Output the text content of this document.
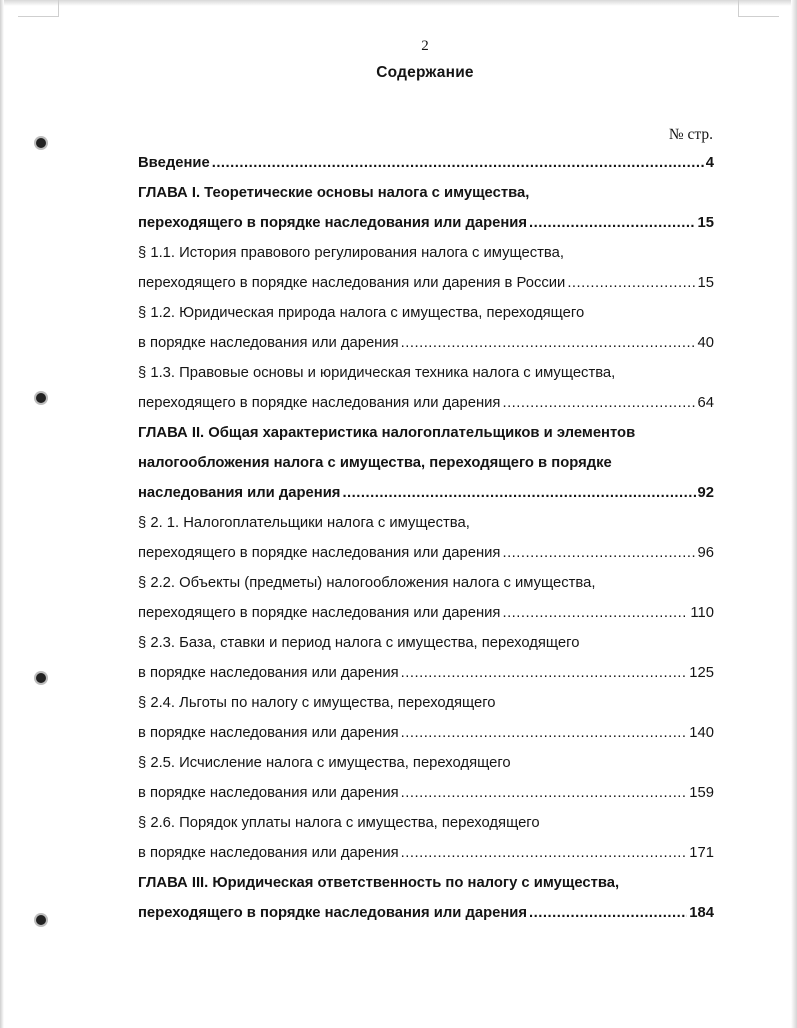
2
Содержание
№ стр.
Введение .....	4
ГЛАВА I. Теоретические основы налога с имущества,
переходящего в порядке наследования или дарения .....	15
§ 1.1. История правового регулирования налога с имущества,
переходящего в порядке наследования или дарения в России .....	15
§ 1.2. Юридическая природа налога с имущества, переходящего
в порядке наследования или дарения .....	40
§ 1.3. Правовые основы и юридическая техника налога с имущества,
переходящего в порядке наследования или дарения .....	64
ГЛАВА II. Общая характеристика налогоплательщиков и элементов
налогообложения налога с имущества, переходящего в порядке
наследования или дарения .....	92
§ 2. 1. Налогоплательщики налога с имущества,
переходящего в порядке наследования или дарения .....	96
§ 2.2. Объекты (предметы) налогообложения налога с имущества,
переходящего в порядке наследования или дарения .....	110
§ 2.3. База, ставки и период налога с имущества, переходящего
в порядке наследования или дарения .....	125
§ 2.4. Льготы по налогу с имущества, переходящего
в порядке наследования или дарения .....	140
§ 2.5. Исчисление налога с имущества, переходящего
в порядке наследования или дарения .....	159
§ 2.6. Порядок уплаты налога с имущества, переходящего
в порядке наследования или дарения .....	171
ГЛАВА III. Юридическая ответственность по налогу с имущества,
переходящего в порядке наследования или дарения .....	184
